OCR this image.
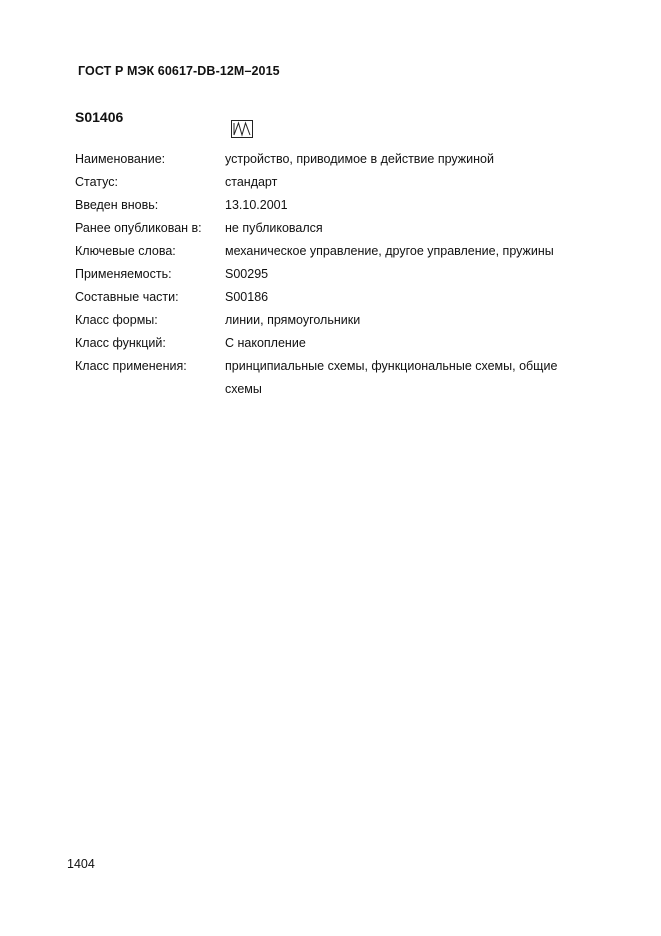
ГОСТ Р МЭК 60617-DB-12M–2015
S01406
Наименование:	устройство, приводимое в действие пружиной
Статус:	стандарт
Введен вновь:	13.10.2001
Ранее опубликован в:	не публиковался
Ключевые слова:	механическое управление, другое управление, пружины
Применяемость:	S00295
Составные части:	S00186
Класс формы:	линии, прямоугольники
Класс функций:	С накопление
Класс применения:	принципиальные схемы, функциональные схемы, общие схемы
1404
